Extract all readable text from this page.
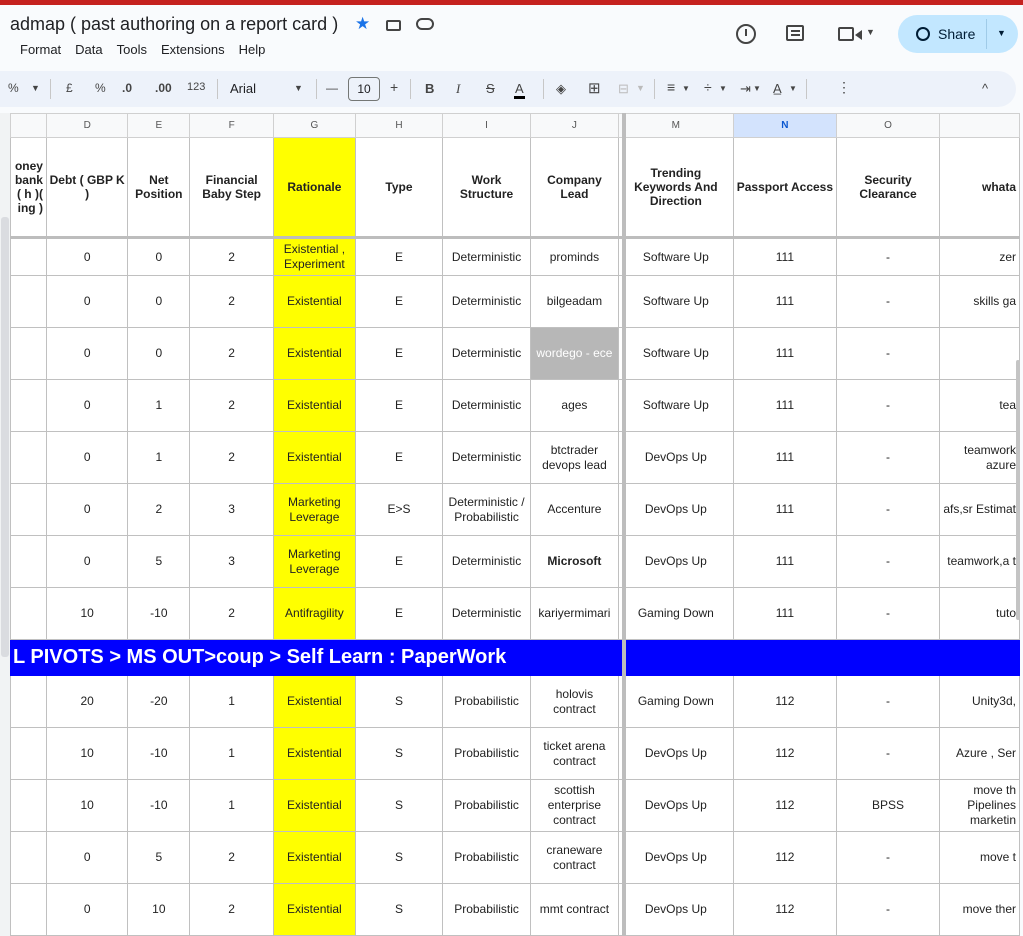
admap ( past authoring on a report card ) ★
Format Data Tools Extensions Help
▼	Share ▼
% ▼ £ % .0 .00 123 Arial	▼ —	10	+ B I S A ◈ ⊞ ⊟ ▼ ≡ ▼ ÷ ▼ ⇥ ▼ A̲ ▼	⋮	^
	D	E	F	G	H	I	J	M	N	O	
oney bank ( h )( ing )	Debt ( GBP K )	Net Position	Financial Baby Step	Rationale	Type	Work Structure	Company Lead	Trending Keywords And Direction	Passport Access	Security Clearance	whata
	0	0	2	Existential , Experiment	E	Deterministic	prominds	Software Up	111	-	zer
	0	0	2	Existential	E	Deterministic	bilgeadam	Software Up	111	-	skills ga
	0	0	2	Existential	E	Deterministic	wordego - ece	Software Up	111	-	
	0	1	2	Existential	E	Deterministic	ages	Software Up	111	-	tea
	0	1	2	Existential	E	Deterministic	btctrader devops lead	DevOps Up	111	-	teamwork azure
	0	2	3	Marketing Leverage	E>S	Deterministic / Probabilistic	Accenture	DevOps Up	111	-	afs,sr Estimat
	0	5	3	Marketing Leverage	E	Deterministic	Microsoft	DevOps Up	111	-	teamwork,a t
	10	-10	2	Antifragility	E	Deterministic	kariyermimari	Gaming Down	111	-	tuto
L PIVOTS > MS OUT>coup > Self Learn : PaperWork											
	20	-20	1	Existential	S	Probabilistic	holovis contract	Gaming Down	112	-	Unity3d,
	10	-10	1	Existential	S	Probabilistic	ticket arena contract	DevOps Up	112	-	Azure , Ser
	10	-10	1	Existential	S	Probabilistic	scottish enterprise contract	DevOps Up	112	BPSS	move th Pipelines marketin
	0	5	2	Existential	S	Probabilistic	craneware contract	DevOps Up	112	-	move t
	0	10	2	Existential	S	Probabilistic	mmt contract	DevOps Up	112	-	move ther
